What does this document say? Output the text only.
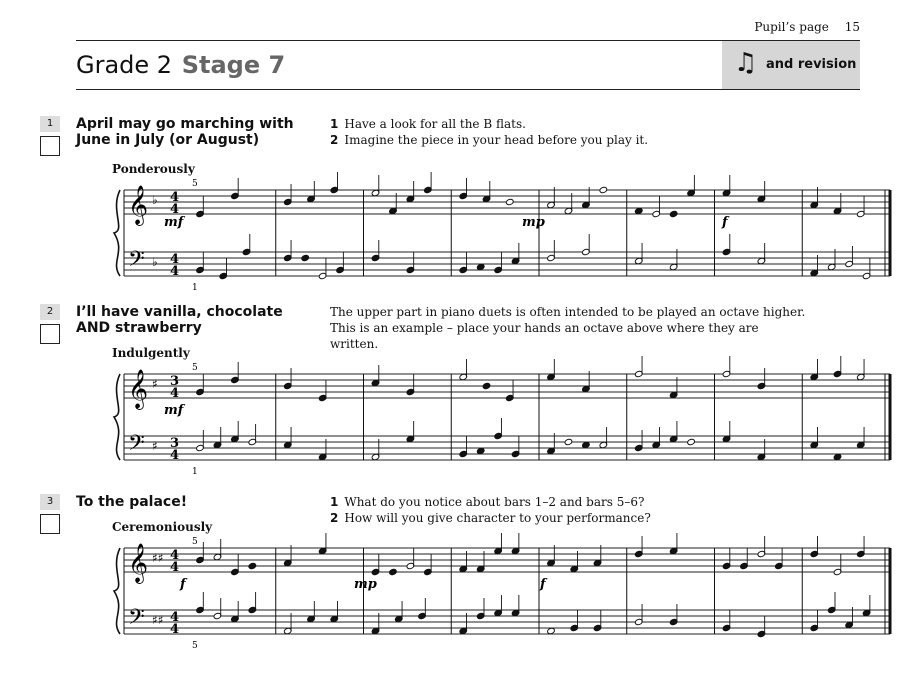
Pupil’s page 15
Grade 2 Stage 7	♫ and revision
1	April may go marching with June in July (or August)
1 Have a look for all the B flats.
2 Imagine the piece in your head before you play it.
Ponderously
𝄞 ♭ 4
4
𝄢 ♭ 4
4
5
1
mf	mp	f
2	I’ll have vanilla, chocolate AND strawberry
The upper part in piano duets is often intended to be played an octave higher.
This is an example – place your hands an octave above where they are written.
Indulgently
𝄞 ♯ 3
4
𝄢 ♯ 3
4
5
1
mf
3	To the palace!	1 What do you notice about bars 1–2 and bars 5–6?
2 How will you give character to your performance?
Ceremoniously
𝄞 ♯♯ 4
4
𝄢 ♯♯ 4
4
5
5
f	mp	f
